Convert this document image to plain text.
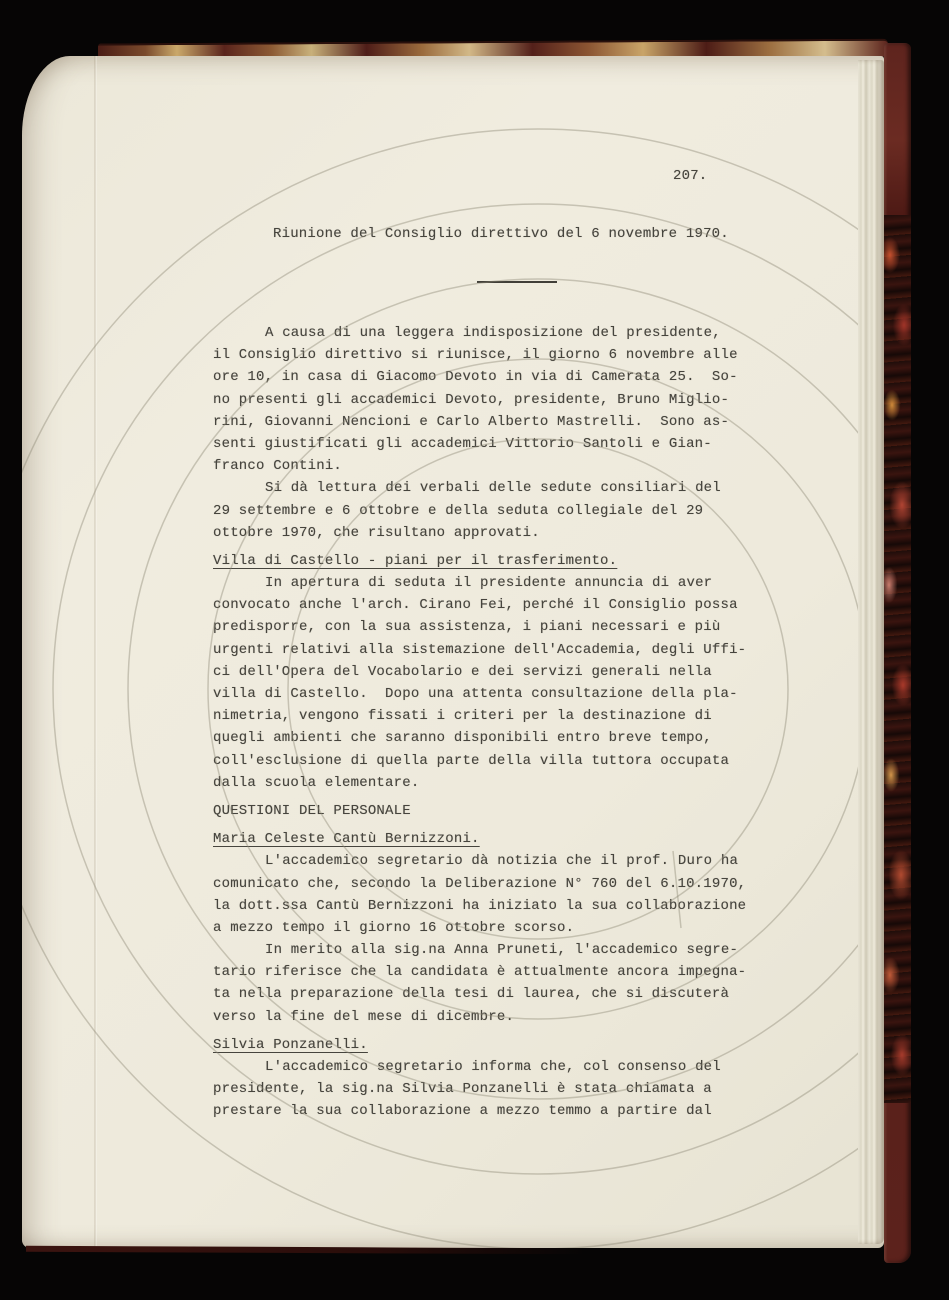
207.
Riunione del Consiglio direttivo del 6 novembre 1970.
A causa di una leggera indisposizione del presidente,
il Consiglio direttivo si riunisce, il giorno 6 novembre alle
ore 10, in casa di Giacomo Devoto in via di Camerata 25.  So-
no presenti gli accademici Devoto, presidente, Bruno Miglio-
rini, Giovanni Nencioni e Carlo Alberto Mastrelli.  Sono as-
senti giustificati gli accademici Vittorio Santoli e Gian-
franco Contini.
Si dà lettura dei verbali delle sedute consiliari del
29 settembre e 6 ottobre e della seduta collegiale del 29
ottobre 1970, che risultano approvati.
Villa di Castello - piani per il trasferimento.
In apertura di seduta il presidente annuncia di aver
convocato anche l'arch. Cirano Fei, perché il Consiglio possa
predisporre, con la sua assistenza, i piani necessari e più
urgenti relativi alla sistemazione dell'Accademia, degli Uffi-
ci dell'Opera del Vocabolario e dei servizi generali nella
villa di Castello.  Dopo una attenta consultazione della pla-
nimetria, vengono fissati i criteri per la destinazione di
quegli ambienti che saranno disponibili entro breve tempo,
coll'esclusione di quella parte della villa tuttora occupata
dalla scuola elementare.
QUESTIONI DEL PERSONALE
Maria Celeste Cantù Bernizzoni.
L'accademico segretario dà notizia che il prof. Duro ha
comunicato che, secondo la Deliberazione N° 760 del 6.10.1970,
la dott.ssa Cantù Bernizzoni ha iniziato la sua collaborazione
a mezzo tempo il giorno 16 ottobre scorso.
In merito alla sig.na Anna Pruneti, l'accademico segre-
tario riferisce che la candidata è attualmente ancora impegna-
ta nella preparazione della tesi di laurea, che si discuterà
verso la fine del mese di dicembre.
Silvia Ponzanelli.
L'accademico segretario informa che, col consenso del
presidente, la sig.na Silvia Ponzanelli è stata chiamata a
prestare la sua collaborazione a mezzo temmo a partire dal
